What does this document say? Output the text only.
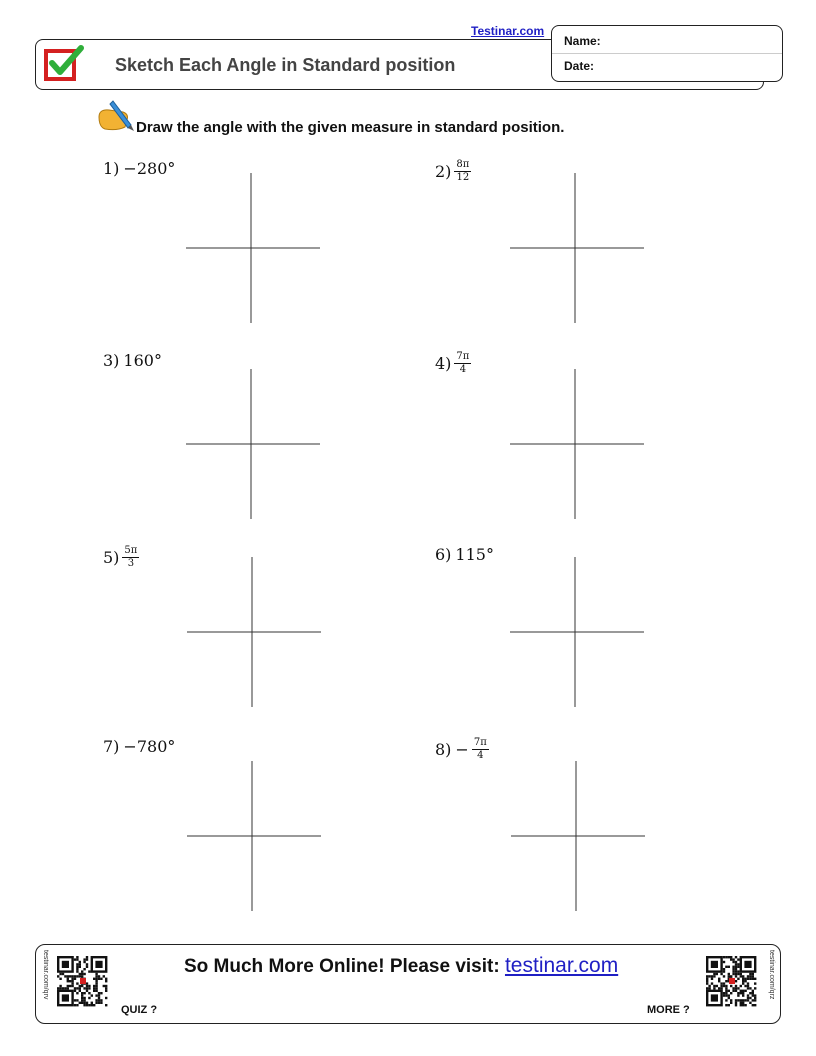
Sketch Each Angle in Standard position
Testinar.com
Name:
Date:
Draw the angle with the given measure in standard position.
1) −280°	$2) \frac{8\pi}{12}$
3) 160°	$4) \frac{7\pi}{4}$
$5) \frac{5\pi}{3}$	6) 115°
7) −780°	$8) - \frac{7\pi}{4}$
So Much More Online! Please visit: testinar.com
testinar.com/qrv
QUIZ ?
testinar.com/qrz
MORE ?
